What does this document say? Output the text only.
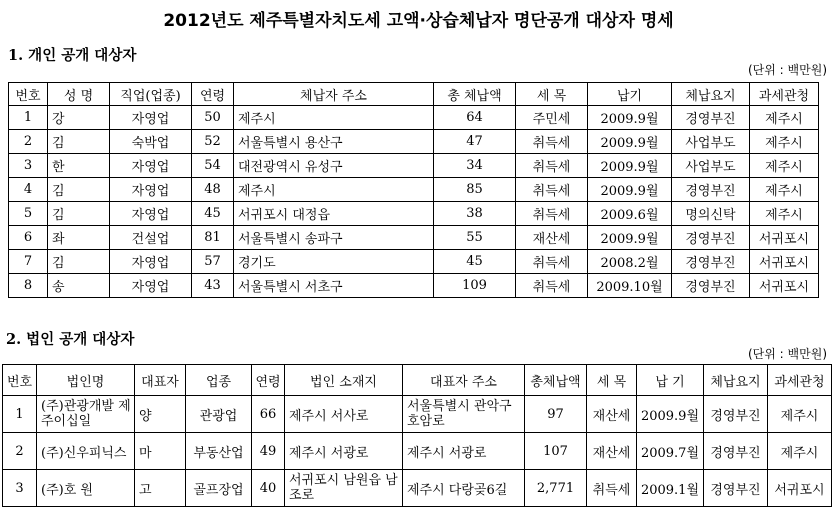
2012년도 제주특별자치도세 고액·상습체납자 명단공개 대상자 명세
1. 개인 공개 대상자
(단위 : 백만원)
번호	성 명	직업(업종)	연령	체납자 주소	총 체납액	세 목	납기	체납요지	과세관청
1	강	자영업	50	제주시	64	주민세	2009.9월	경영부진	제주시
2	김	숙박업	52	서울특별시 용산구	47	취득세	2009.9월	사업부도	제주시
3	한	자영업	54	대전광역시 유성구	34	취득세	2009.9월	사업부도	제주시
4	김	자영업	48	제주시	85	취득세	2009.9월	경영부진	제주시
5	김	자영업	45	서귀포시 대정읍	38	취득세	2009.6월	명의신탁	제주시
6	좌	건설업	81	서울특별시 송파구	55	재산세	2009.9월	경영부진	서귀포시
7	김	자영업	57	경기도	45	취득세	2008.2월	경영부진	서귀포시
8	송	자영업	43	서울특별시 서초구	109	취득세	2009.10월	경영부진	서귀포시
2. 법인 공개 대상자
(단위 : 백만원)
번호	법인명	대표자	업종	연령	법인 소재지	대표자 주소	총체납액	세 목	납 기	체납요지	과세관청
1	(주)관광개발 제주이십일	양	관광업	66	제주시 서사로	서울특별시 관악구 호암로	97	재산세	2009.9월	경영부진	제주시
2	(주)신우피닉스	마	부동산업	49	제주시 서광로	제주시 서광로	107	재산세	2009.7월	경영부진	제주시
3	(주)호 원	고	골프장업	40	서귀포시 남원읍 남조로	제주시 다랑곶6길	2,771	취득세	2009.1월	경영부진	서귀포시
